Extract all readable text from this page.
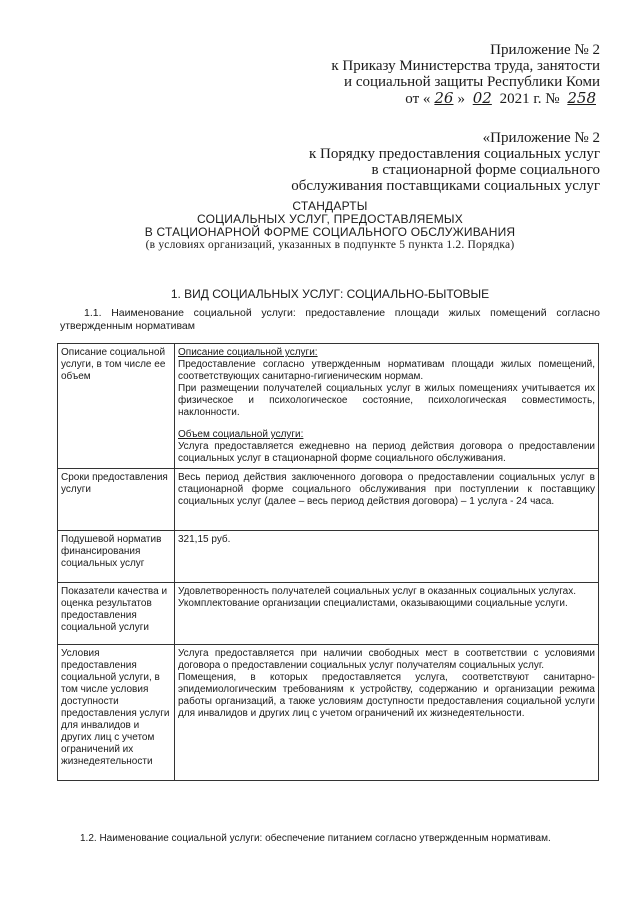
Приложение № 2
к Приказу Министерства труда, занятости
и социальной защиты Республики Коми
от « 26 » 02 2021 г. № 258
«Приложение № 2
к Порядку предоставления социальных услуг
в стационарной форме социального
обслуживания поставщиками социальных услуг
СТАНДАРТЫ
СОЦИАЛЬНЫХ УСЛУГ, ПРЕДОСТАВЛЯЕМЫХ
В СТАЦИОНАРНОЙ ФОРМЕ СОЦИАЛЬНОГО ОБСЛУЖИВАНИЯ
(в условиях организаций, указанных в подпункте 5 пункта 1.2. Порядка)
1. ВИД СОЦИАЛЬНЫХ УСЛУГ: СОЦИАЛЬНО-БЫТОВЫЕ
1.1. Наименование социальной услуги: предоставление площади жилых помещений согласно утвержденным нормативам
Описание социальной услуги, в том числе ее объем	Описание социальной услуги:
Предоставление согласно утвержденным нормативам площади жилых помещений, соответствующих санитарно-гигиеническим нормам.
При размещении получателей социальных услуг в жилых помещениях учитывается их физическое и психологическое состояние, психологическая совместимость, наклонности.
Объем социальной услуги:
Услуга предоставляется ежедневно на период действия договора о предоставлении социальных услуг в стационарной форме социального обслуживания.

Сроки предоставления услуги	Весь период действия заключенного договора о предоставлении социальных услуг в стационарной форме социального обслуживания при поступлении к поставщику социальных услуг (далее – весь период действия договора) – 1 услуга - 24 часа.
Подушевой норматив финансирования социальных услуг	321,15 руб.
Показатели качества и оценка результатов предоставления социальной услуги	Удовлетворенность получателей социальных услуг в оказанных социальных услугах.
Укомплектование организации специалистами, оказывающими социальные услуги.

Условия предоставления социальной услуги, в том числе условия доступности предоставления услуги для инвалидов и других лиц с учетом ограничений их жизнедеятельности	Услуга предоставляется при наличии свободных мест в соответствии с условиями договора о предоставлении социальных услуг получателям социальных услуг.
Помещения, в которых предоставляется услуга, соответствуют санитарно-эпидемиологическим требованиям к устройству, содержанию и организации режима работы организаций, а также условиям доступности предоставления социальной услуги для инвалидов и других лиц с учетом ограничений их жизнедеятельности.
1.2. Наименование социальной услуги: обеспечение питанием согласно утвержденным нормативам.
